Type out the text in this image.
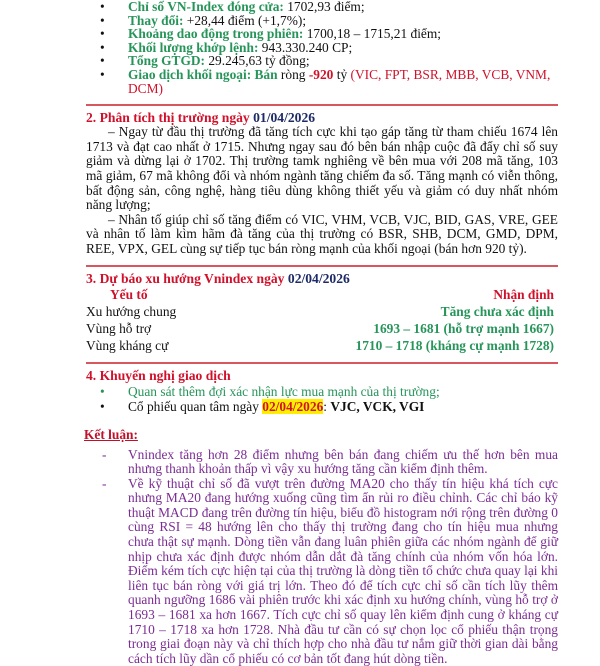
• Chỉ số VN-Index đóng cửa: 1702,93 điểm;
• Thay đổi: +28,44 điểm (+1,7%);
• Khoảng dao động trong phiên: 1700,18 – 1715,21 điểm;
• Khối lượng khớp lệnh: 943.330.240 CP;
• Tổng GTGD: 29.245,63 tỷ đồng;
• Giao dịch khối ngoại: Bán ròng -920 tỷ (VIC, FPT, BSR, MBB, VCB, VNM, DCM)
2. Phân tích thị trường ngày 01/04/2026

– Ngay từ đầu thị trường đã tăng tích cực khi tạo gáp tăng từ tham chiếu 1674 lên 1713 và đạt cao nhất ở 1715. Nhưng ngay sau đó bên bán nhập cuộc đã đẩy chỉ số suy giảm và dừng lại ở 1702. Thị trường tamk nghiêng về bên mua với 208 mã tăng, 103 mã giảm, 67 mã không đổi và nhóm ngành tăng chiếm đa số. Tăng mạnh có viễn thông, bất động sản, công nghệ, hàng tiêu dùng không thiết yếu và giảm có duy nhất nhóm năng lượng;

– Nhân tố giúp chỉ số tăng điểm có VIC, VHM, VCB, VJC, BID, GAS, VRE, GEE và nhân tố làm kìm hãm đà tăng của thị trường có BSR, SHB, DCM, GMD, DPM, REE, VPX, GEL cùng sự tiếp tục bán ròng mạnh của khối ngoại (bán hơn 920 tỷ).

3. Dự báo xu hướng Vnindex ngày 02/04/2026
Yếu tố	Nhận định
Xu hướng chung	Tăng chưa xác định
Vùng hỗ trợ	1693 – 1681 (hỗ trợ mạnh 1667)
Vùng kháng cự	1710 – 1718 (kháng cự mạnh 1728)
4. Khuyến nghị giao dịch
• Quan sát thêm đợi xác nhận lực mua mạnh của thị trường;
• Cổ phiếu quan tâm ngày 02/04/2026: VJC, VCK, VGI
Kết luận:
- Vnindex tăng hơn 28 điểm nhưng bên bán đang chiếm ưu thế hơn bên mua nhưng thanh khoản thấp vì vậy xu hướng tăng cần kiểm định thêm.
- Về kỹ thuật chỉ số đã vượt trên đường MA20 cho thấy tín hiệu khá tích cực nhưng MA20 đang hướng xuống cũng tìm ẩn rủi ro điều chỉnh. Các chỉ báo kỹ thuật MACD đang trên đường tín hiệu, biểu đồ histogram nới rộng trên đường 0 cùng RSI = 48 hướng lên cho thấy thị trường đang cho tín hiệu mua nhưng chưa thật sự mạnh. Dòng tiền vẫn đang luân phiên giữa các nhóm ngành để giữ nhịp chưa xác định được nhóm dẫn dắt đà tăng chính của nhóm vốn hóa lớn. Điểm kém tích cực hiện tại của thị trường là dòng tiền tổ chức chưa quay lại khi liên tục bán ròng với giá trị lớn. Theo đó để tích cực chỉ số cần tích lũy thêm quanh ngưỡng 1686 vài phiên trước khi xác định xu hướng chính, vùng hỗ trợ ở 1693 – 1681 xa hơn 1667. Tích cực chỉ số quay lên kiểm định cung ở kháng cự 1710 – 1718 xa hơn 1728. Nhà đầu tư cần có sự chọn lọc cổ phiếu thận trọng trong giai đoạn này và chỉ thích hợp cho nhà đầu tư nắm giữ thời gian dài bằng cách tích lũy dần cổ phiếu có cơ bản tốt đang hút dòng tiền.
